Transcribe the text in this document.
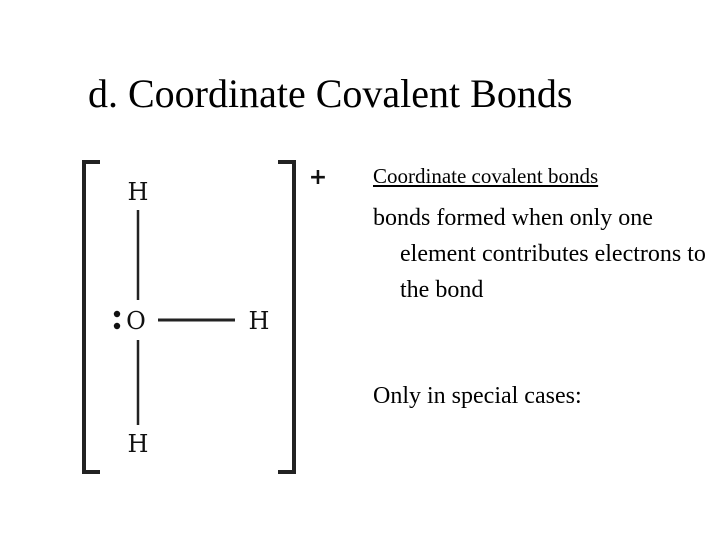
d. Coordinate Covalent Bonds
H
O	H
H
+ Coordinate covalent bonds
bonds formed when only one element contributes electrons to the bond
Only in special cases:
